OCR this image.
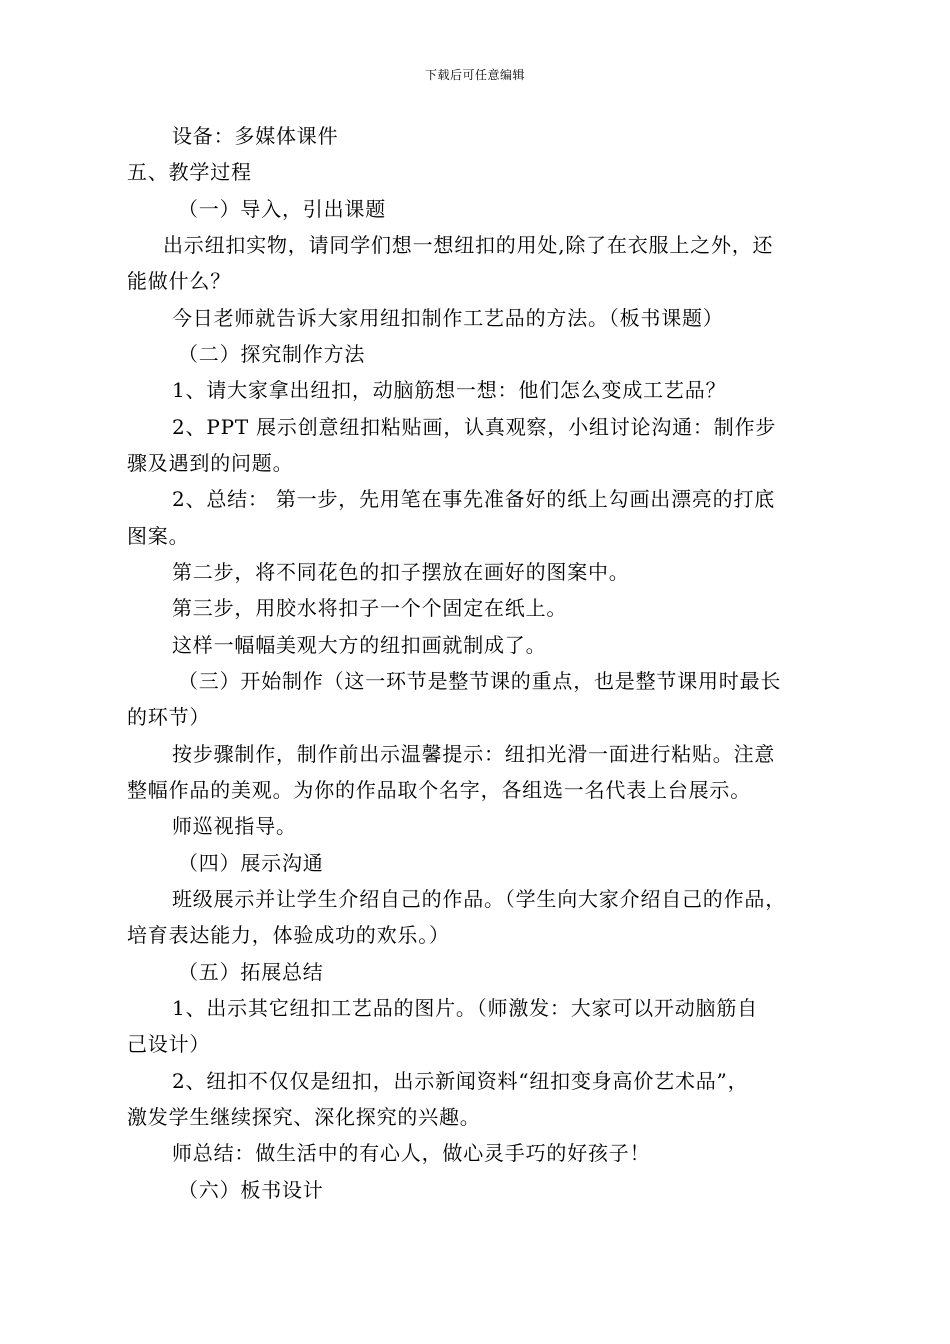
下载后可任意编辑
设备：多媒体课件
五、教学过程
（一）导入，引出课题
出示纽扣实物，请同学们想一想纽扣的用处,除了在衣服上之外，还
能做什么？
今日老师就告诉大家用纽扣制作工艺品的方法。（板书课题）
（二）探究制作方法
1、请大家拿出纽扣，动脑筋想一想：他们怎么变成工艺品？
2、PPT 展示创意纽扣粘贴画，认真观察，小组讨论沟通：制作步
骤及遇到的问题。
2、总结： 第一步，先用笔在事先准备好的纸上勾画出漂亮的打底
图案。
第二步，将不同花色的扣子摆放在画好的图案中。
第三步，用胶水将扣子一个个固定在纸上。
这样一幅幅美观大方的纽扣画就制成了。
（三）开始制作（这一环节是整节课的重点，也是整节课用时最长
的环节）
按步骤制作，制作前出示温馨提示：纽扣光滑一面进行粘贴。注意
整幅作品的美观。为你的作品取个名字，各组选一名代表上台展示。
师巡视指导。
（四）展示沟通
班级展示并让学生介绍自己的作品。（学生向大家介绍自己的作品，
培育表达能力，体验成功的欢乐。）
（五）拓展总结
1、出示其它纽扣工艺品的图片。（师激发：大家可以开动脑筋自
己设计）
2、纽扣不仅仅是纽扣，出示新闻资料“纽扣变身高价艺术品”，
激发学生继续探究、深化探究的兴趣。
师总结：做生活中的有心人，做心灵手巧的好孩子！
（六）板书设计
